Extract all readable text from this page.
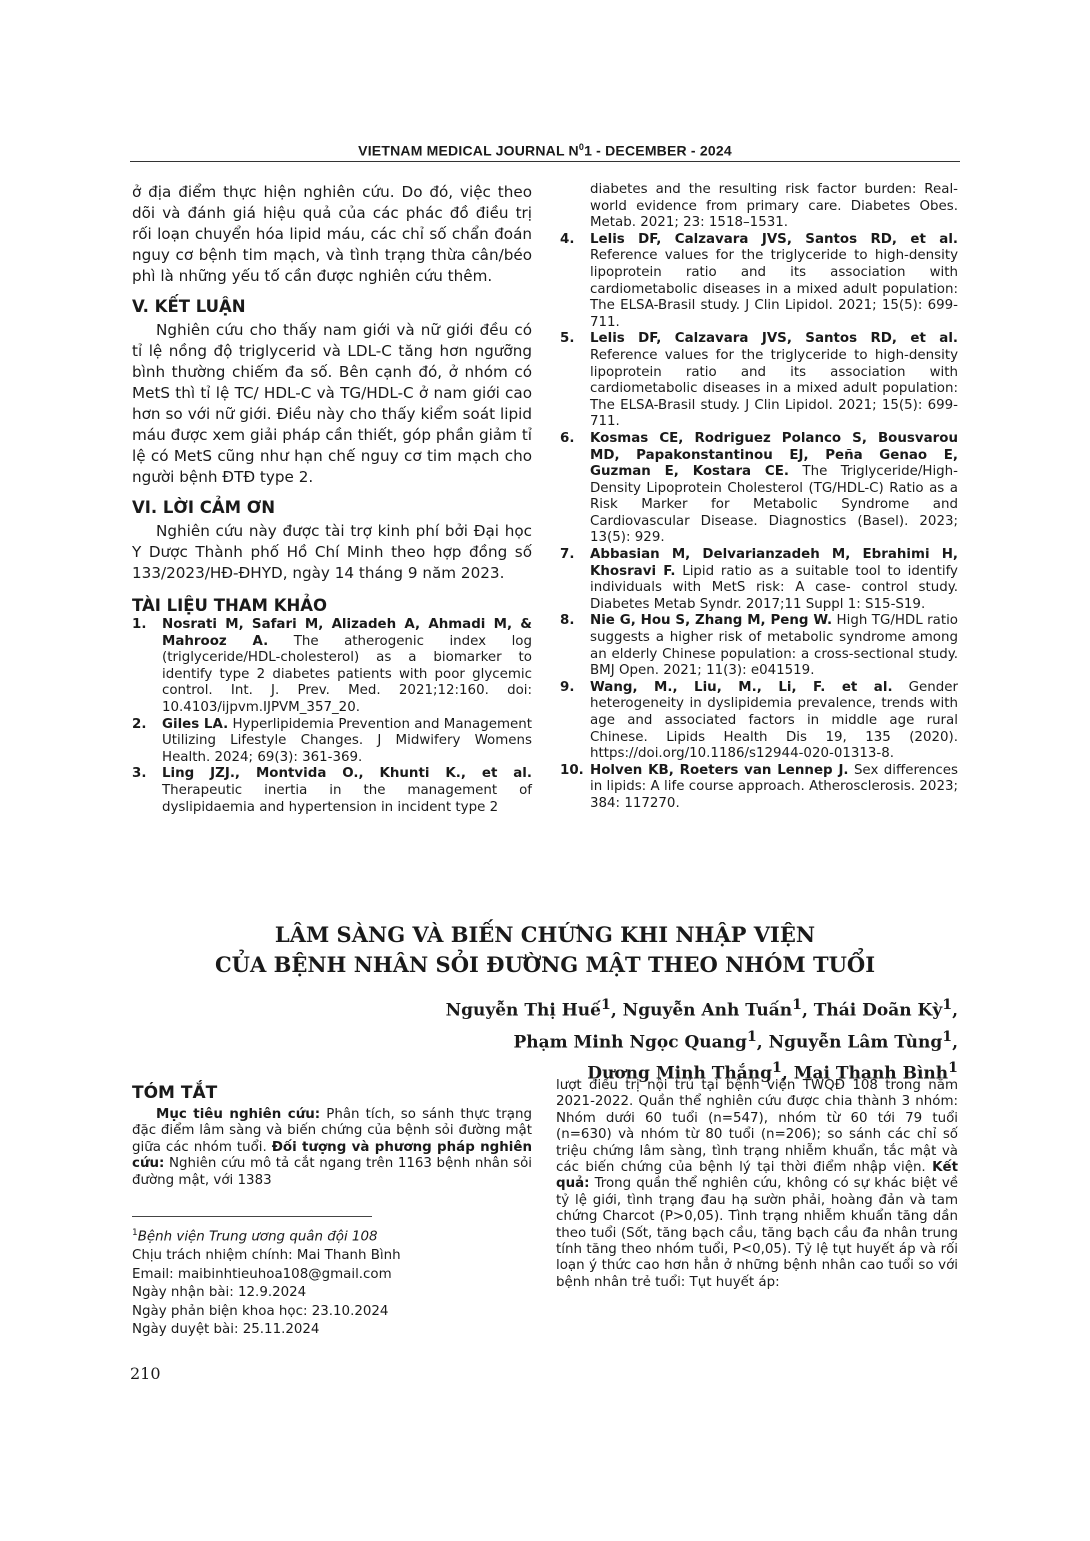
VIETNAM MEDICAL JOURNAL $N^01$ - DECEMBER - 2024

ở địa điểm thực hiện nghiên cứu. Do đó, việc theo dõi và đánh giá hiệu quả của các phác đồ điều trị rối loạn chuyển hóa lipid máu, các chỉ số chẩn đoán nguy cơ bệnh tim mạch, và tình trạng thừa cân/béo phì là những yếu tố cần được nghiên cứu thêm.

V. KẾT LUẬN

Nghiên cứu cho thấy nam giới và nữ giới đều có tỉ lệ nồng độ triglycerid và LDL-C tăng hơn ngưỡng bình thường chiếm đa số. Bên cạnh đó, ở nhóm có MetS thì tỉ lệ TC/ HDL-C và TG/HDL-C ở nam giới cao hơn so với nữ giới. Điều này cho thấy kiểm soát lipid máu được xem giải pháp cần thiết, góp phần giảm tỉ lệ có MetS cũng như hạn chế nguy cơ tim mạch cho người bệnh ĐTĐ type 2.

VI. LỜI CẢM ƠN

Nghiên cứu này được tài trợ kinh phí bởi Đại học Y Dược Thành phố Hồ Chí Minh theo hợp đồng số 133/2023/HĐ-ĐHYD, ngày 14 tháng 9 năm 2023.

TÀI LIỆU THAM KHẢO
1.	Nosrati M, Safari M, Alizadeh A, Ahmadi M, & Mahrooz A. The atherogenic index log (triglyceride/HDL-cholesterol) as a biomarker to identify type 2 diabetes patients with poor glycemic control. Int. J. Prev. Med. 2021;12:160. doi: 10.4103/ijpvm.IJPVM_357_20.
2.	Giles LA. Hyperlipidemia Prevention and Management Utilizing Lifestyle Changes. J Midwifery Womens Health. 2024; 69(3): 361-369.
3.	Ling JZJ., Montvida O., Khunti K., et al. Therapeutic inertia in the management of dyslipidaemia and hypertension in incident type 2
diabetes and the resulting risk factor burden: Real-world evidence from primary care. Diabetes Obes. Metab. 2021; 23: 1518–1531.
4.	Lelis DF, Calzavara JVS, Santos RD, et al. Reference values for the triglyceride to high-density lipoprotein ratio and its association with cardiometabolic diseases in a mixed adult population: The ELSA-Brasil study. J Clin Lipidol. 2021; 15(5): 699-711.
5.	Lelis DF, Calzavara JVS, Santos RD, et al. Reference values for the triglyceride to high-density lipoprotein ratio and its association with cardiometabolic diseases in a mixed adult population: The ELSA-Brasil study. J Clin Lipidol. 2021; 15(5): 699-711.
6.	Kosmas CE, Rodriguez Polanco S, Bousvarou MD, Papakonstantinou EJ, Peña Genao E, Guzman E, Kostara CE. The Triglyceride/High-Density Lipoprotein Cholesterol (TG/HDL-C) Ratio as a Risk Marker for Metabolic Syndrome and Cardiovascular Disease. Diagnostics (Basel). 2023; 13(5): 929.
7.	Abbasian M, Delvarianzadeh M, Ebrahimi H, Khosravi F. Lipid ratio as a suitable tool to identify individuals with MetS risk: A case- control study. Diabetes Metab Syndr. 2017;11 Suppl 1: S15-S19.
8.	Nie G, Hou S, Zhang M, Peng W. High TG/HDL ratio suggests a higher risk of metabolic syndrome among an elderly Chinese population: a cross-sectional study. BMJ Open. 2021; 11(3): e041519.
9.	Wang, M., Liu, M., Li, F. et al. Gender heterogeneity in dyslipidemia prevalence, trends with age and associated factors in middle age rural Chinese. Lipids Health Dis 19, 135 (2020). https://doi.org/10.1186/s12944-020-01313-8.
10. Holven KB, Roeters van Lennep J. Sex differences in lipids: A life course approach. Atherosclerosis. 2023; 384: 117270.
LÂM SÀNG VÀ BIẾN CHỨNG KHI NHẬP VIỆN
CỦA BỆNH NHÂN SỎI ĐƯỜNG MẬT THEO NHÓM TUỔI
Nguyễn Thị Huế$^1$, Nguyễn Anh Tuấn$^1$, Thái Doãn Kỳ$^1$,
Phạm Minh Ngọc Quang$^1$, Nguyễn Lâm Tùng$^1$,
Dương Minh Thắng$^1$, Mai Thanh Bình$^1$
TÓM TẮT

Mục tiêu nghiên cứu: Phân tích, so sánh thực trạng đặc điểm lâm sàng và biến chứng của bệnh sỏi đường mật giữa các nhóm tuổi. Đối tượng và phương pháp nghiên cứu: Nghiên cứu mô tả cắt ngang trên 1163 bệnh nhân sỏi đường mật, với 1383

lượt điều trị nội trú tại bệnh viện TWQĐ 108 trong năm 2021-2022. Quần thể nghiên cứu được chia thành 3 nhóm: Nhóm dưới 60 tuổi (n=547), nhóm từ 60 tới 79 tuổi (n=630) và nhóm từ 80 tuổi (n=206); so sánh các chỉ số triệu chứng lâm sàng, tình trạng nhiễm khuẩn, tắc mật và các biến chứng của bệnh lý tại thời điểm nhập viện. Kết quả: Trong quần thể nghiên cứu, không có sự khác biệt về tỷ lệ giới, tình trạng đau hạ sườn phải, hoàng đản và tam chứng Charcot (P>0,05). Tình trạng nhiễm khuẩn tăng dần theo tuổi (Sốt, tăng bạch cầu, tăng bạch cầu đa nhân trung tính tăng theo nhóm tuổi, P<0,05). Tỷ lệ tụt huyết áp và rối loạn ý thức cao hơn hẳn ở những bệnh nhân cao tuổi so với bệnh nhân trẻ tuổi: Tụt huyết áp:

$^1$Bệnh viện Trung ương quân đội 108

Chịu trách nhiệm chính: Mai Thanh Bình

Email: maibinhtieuhoa108@gmail.com

Ngày nhận bài: 12.9.2024

Ngày phản biện khoa học: 23.10.2024

Ngày duyệt bài: 25.11.2024

210
